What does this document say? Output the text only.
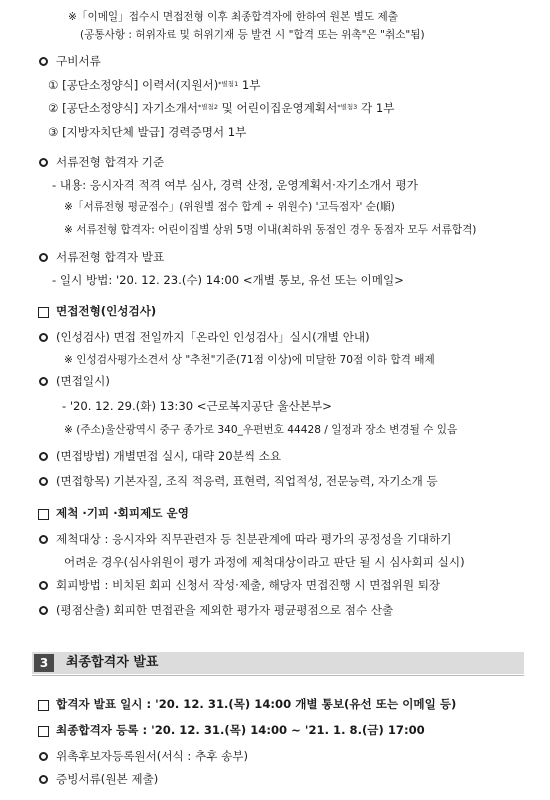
※「이메일」접수시 면접전형 이후 최종합격자에 한하여 원본 별도 제출
(공통사항 : 허위자료 및 허위기재 등 발견 시 "합격 또는 위촉"은 "취소"됨)
구비서류
① [공단소정양식] 이력서(지원서)$^{*별첨1}$ 1부
② [공단소정양식] 자기소개서$^{*별첨2}$ 및 어린이집운영계획서$^{*별첨3}$ 각 1부
③ [지방자치단체 발급] 경력증명서 1부
서류전형 합격자 기준
- 내용: 응시자격 적격 여부 심사, 경력 산정, 운영계획서·자기소개서 평가
※「서류전형 평균점수」(위원별 점수 합계 ÷ 위원수) '고득점자' 순(順)
※ 서류전형 합격자: 어린이집별 상위 5명 이내(최하위 동점인 경우 동점자 모두 서류합격)
서류전형 합격자 발표
- 일시 방법: '20. 12. 23.(수) 14:00 <개별 통보, 유선 또는 이메일>
면접전형(인성검사)
(인성검사) 면접 전일까지「온라인 인성검사」실시(개별 안내)
※ 인성검사평가소견서 상 "추천"기준(71점 이상)에 미달한 70점 이하 합격 배제
(면접일시)
- '20. 12. 29.(화) 13:30 <근로복지공단 울산본부>
※ (주소)울산광역시 중구 종가로 340_우편번호 44428 / 일정과 장소 변경될 수 있음
(면접방법) 개별면접 실시, 대략 20분씩 소요
(면접항목) 기본자질, 조직 적응력, 표현력, 직업적성, 전문능력, 자기소개 등
제척 ·기피 ·회피제도 운영
제척대상 : 응시자와 직무관련자 등 친분관계에 따라 평가의 공정성을 기대하기
어려운 경우(심사위원이 평가 과정에 제척대상이라고 판단 될 시 심사회피 실시)
회피방법 : 비치된 회피 신청서 작성·제출, 해당자 면접진행 시 면접위원 퇴장
(평점산출) 회피한 면접관을 제외한 평가자 평균평점으로 점수 산출
3	최종합격자 발표
합격자 발표 일시 : '20. 12. 31.(목) 14:00 개별 통보(유선 또는 이메일 등)
최종합격자 등록 : '20. 12. 31.(목) 14:00 ~ '21. 1. 8.(금) 17:00
위촉후보자등록원서(서식 : 추후 송부)
증빙서류(원본 제출)
